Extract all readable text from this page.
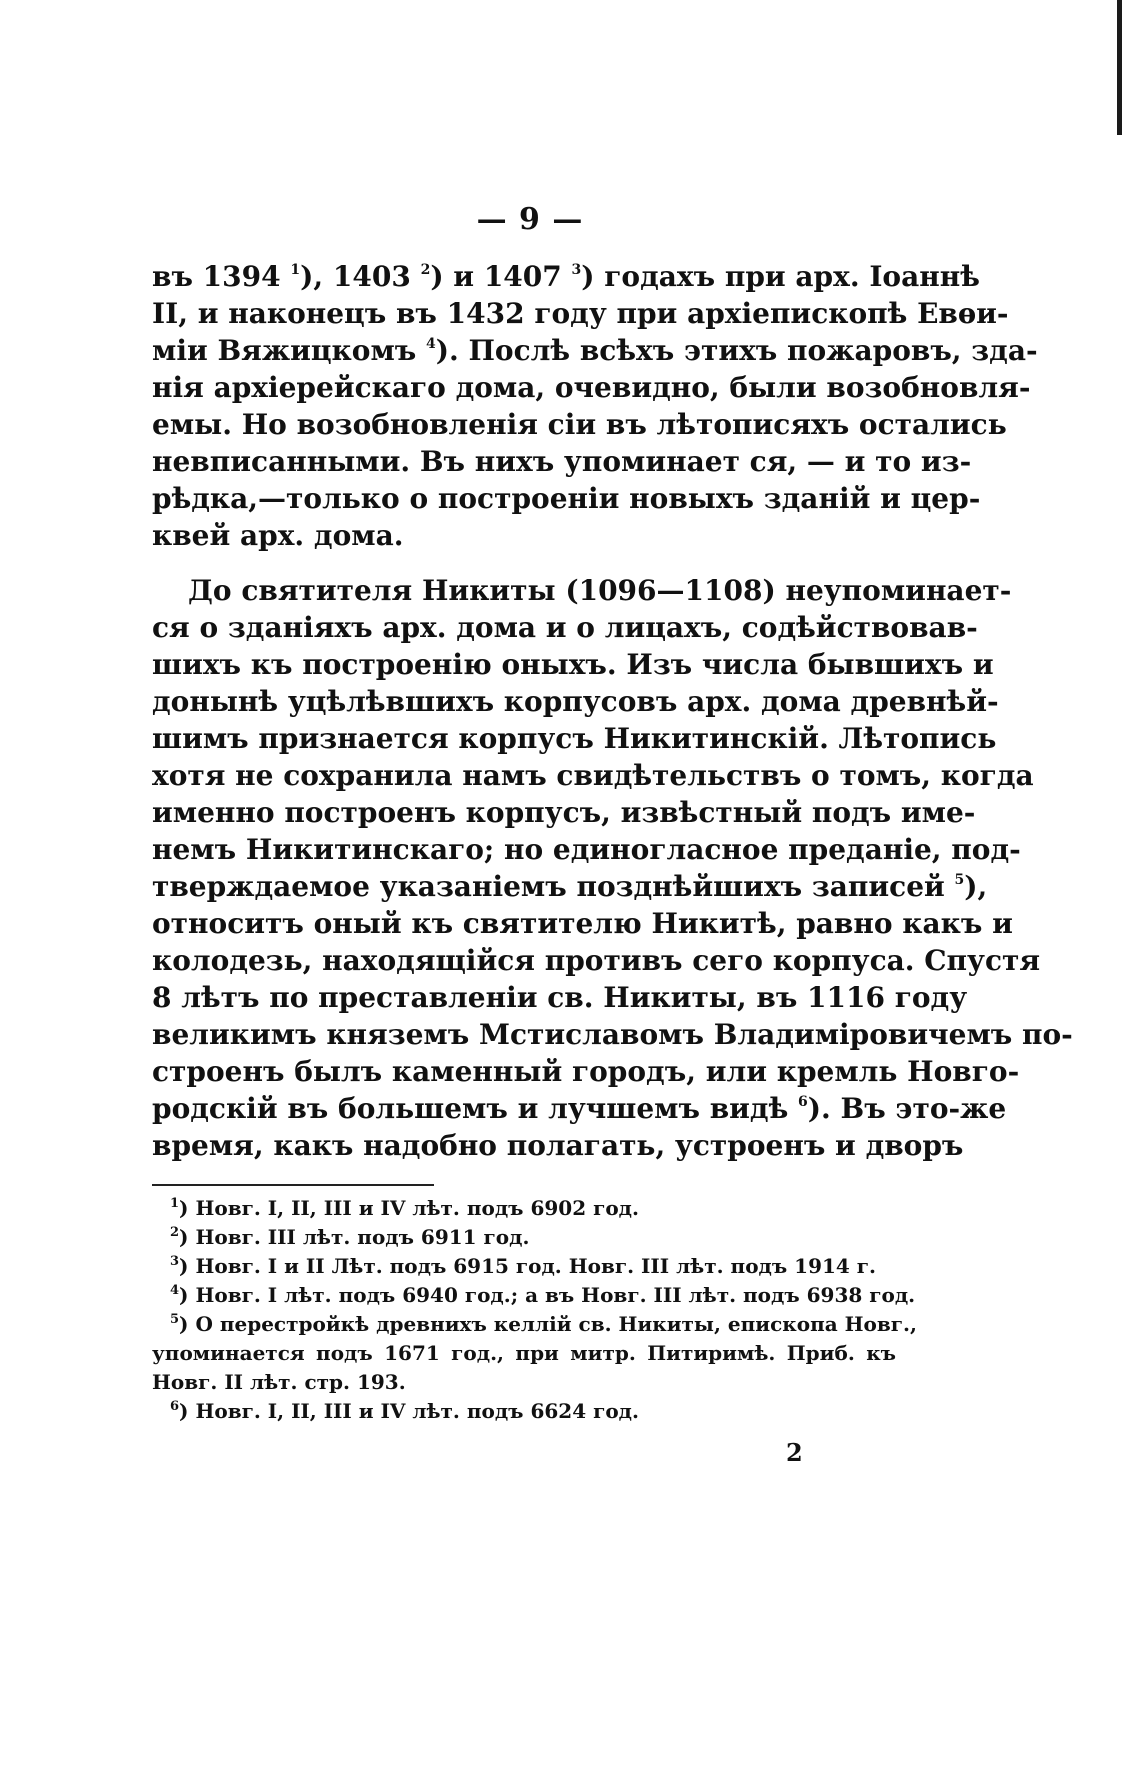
— 9 —
въ 1394 $^1$), 1403 $^2$) и 1407 $^3$) годахъ при арх. Іоаннѣ
II, и наконецъ въ 1432 году при архіепископѣ Евѳи-
міи Вяжицкомъ $^4$). Послѣ всѣхъ этихъ пожаровъ, зда-
нія архіерейскаго дома, очевидно, были возобновля-
емы. Но возобновленія сіи въ лѣтописяхъ остались
невписанными. Въ нихъ упоминает ся, — и то из-
рѣдка,—только о построеніи новыхъ зданій и цер-
квей арх. дома.
До святителя Никиты (1096—1108) неупоминает-
ся о зданіяхъ арх. дома и о лицахъ, содѣйствовав-
шихъ къ построенію оныхъ. Изъ числа бывшихъ и
донынѣ уцѣлѣвшихъ корпусовъ арх. дома древнѣй-
шимъ признается корпусъ Никитинскій. Лѣтопись
хотя не сохранила намъ свидѣтельствъ о томъ, когда
именно построенъ корпусъ, извѣстный подъ име-
немъ Никитинскаго; но единогласное преданіе, под-
тверждаемое указаніемъ позднѣйшихъ записей $^5$),
относитъ оный къ святителю Никитѣ, равно какъ и
колодезь, находящійся противъ сего корпуса. Спустя
8 лѣтъ по преставленіи св. Никиты, въ 1116 году
великимъ княземъ Мстиславомъ Владиміровичемъ по-
строенъ былъ каменный городъ, или кремль Новго-
родскій въ большемъ и лучшемъ видѣ $^6$). Въ это-же
время, какъ надобно полагать, устроенъ и дворъ
$^1$) Новг. I, II, III и IV лѣт. подъ 6902 год.
$^2$) Новг. III лѣт. подъ 6911 год.
$^3$) Новг. I и II Лѣт. подъ 6915 год. Новг. III лѣт. подъ 1914 г.
$^4$) Новг. I лѣт. подъ 6940 год.; а въ Новг. III лѣт. подъ 6938 год.
$^5$) О перестройкѣ древнихъ келлій св. Никиты, епископа Новг.,
упоминается подъ 1671 год., при митр. Питиримѣ. Приб. къ
Новг. II лѣт. стр. 193.
$^6$) Новг. I, II, III и IV лѣт. подъ 6624 год.
2
